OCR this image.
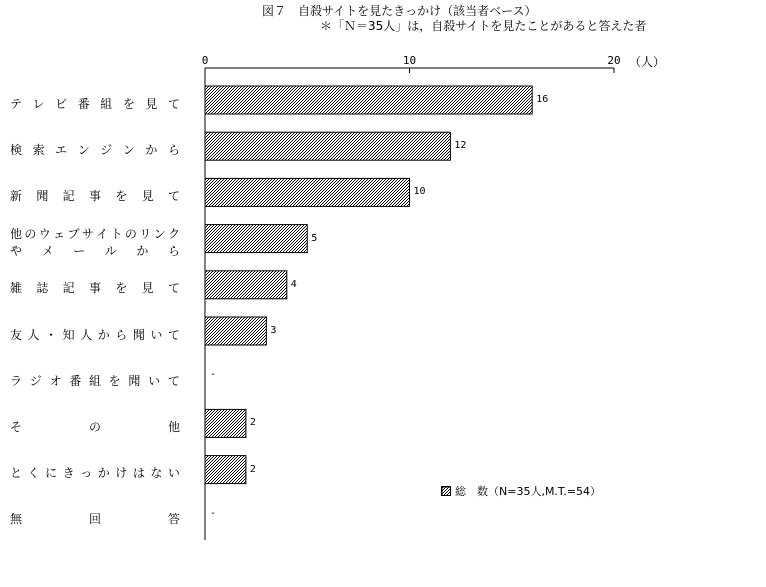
図７　自殺サイトを見たきっかけ（該当者ベース）
＊「Ｎ＝35人」は，自殺サイトを見たことがあると答えた者
（人）
0	10	20
テ レ ビ 番 組 を 見 て
検 索 エ ン ジ ン か ら
新 聞 記 事 を 見 て
他 の ウ ェ ブ サ イ ト の リ ン ク
や メ ー ル か ら
雑 誌 記 事 を 見 て
友 人 ・ 知 人 か ら 聞 い て
ラ ジ オ 番 組 を 聞 い て
そ	の	他
と く に き っ か け は な い
無	回	答
16
12
10
5
4
3
-
2
2
-
総　数（N=35人,M.T.=54）
